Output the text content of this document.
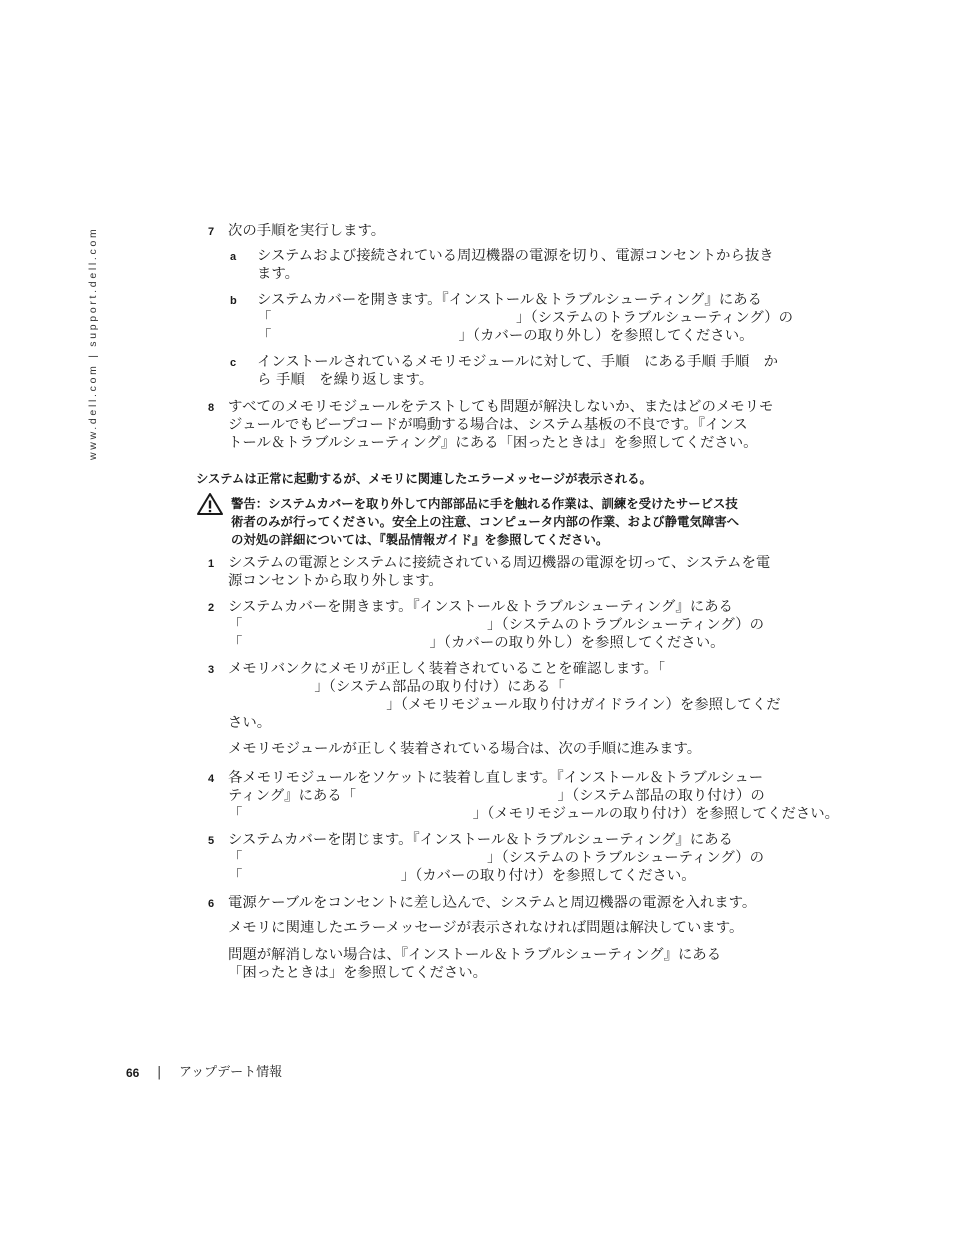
www.dell.com | support.dell.com	7 次の手順を実行します。
a システムおよび接続されている周辺機器の電源を切り、電源コンセントから抜き
ます。
b システムカバーを開きます。『インストール＆トラブルシューティング』にある
「　　　　　　　　　　　　　　　　　」（システムのトラブルシューティング）の
「　　　　　　　　　　　　　」（カバーの取り外し）を参照してください。
c インストールされているメモリモジュールに対して、手順　にある手順 手順　か
ら 手順　を繰り返します。
8 すべてのメモリモジュールをテストしても問題が解決しないか、またはどのメモリモ
ジュールでもビープコードが鳴動する場合は、システム基板の不良です。『インス
トール＆トラブルシューティング』にある「困ったときは」を参照してください。
システムは正常に起動するが、メモリに関連したエラーメッセージが表示される。
警告：システムカバーを取り外して内部部品に手を触れる作業は、訓練を受けたサービス技
術者のみが行ってください。安全上の注意、コンピュータ内部の作業、および静電気障害へ
の対処の詳細については、『製品情報ガイド』を参照してください。
1 システムの電源とシステムに接続されている周辺機器の電源を切って、システムを電
源コンセントから取り外します。
2 システムカバーを開きます。『インストール＆トラブルシューティング』にある
「　　　　　　　　　　　　　　　　　」（システムのトラブルシューティング）の
「　　　　　　　　　　　　　」（カバーの取り外し）を参照してください。
3 メモリバンクにメモリが正しく装着されていることを確認します。「
　　　　　　」（システム部品の取り付け）にある「
　　　　　　　　　　　」（メモリモジュール取り付けガイドライン）を参照してくだ
さい。
メモリモジュールが正しく装着されている場合は、次の手順に進みます。
4 各メモリモジュールをソケットに装着し直します。『インストール＆トラブルシュー
ティング』にある「　　　　　　　　　　　　　　」（システム部品の取り付け）の
「　　　　　　　　　　　　　　　　」（メモリモジュールの取り付け）を参照してください。
5 システムカバーを閉じます。『インストール＆トラブルシューティング』にある
「　　　　　　　　　　　　　　　　　」（システムのトラブルシューティング）の
「　　　　　　　　　　　」（カバーの取り付け）を参照してください。
6 電源ケーブルをコンセントに差し込んで、システムと周辺機器の電源を入れます。
メモリに関連したエラーメッセージが表示されなければ問題は解決しています。
問題が解消しない場合は、『インストール＆トラブルシューティング』にある
「困ったときは」を参照してください。
66 | アップデート情報
